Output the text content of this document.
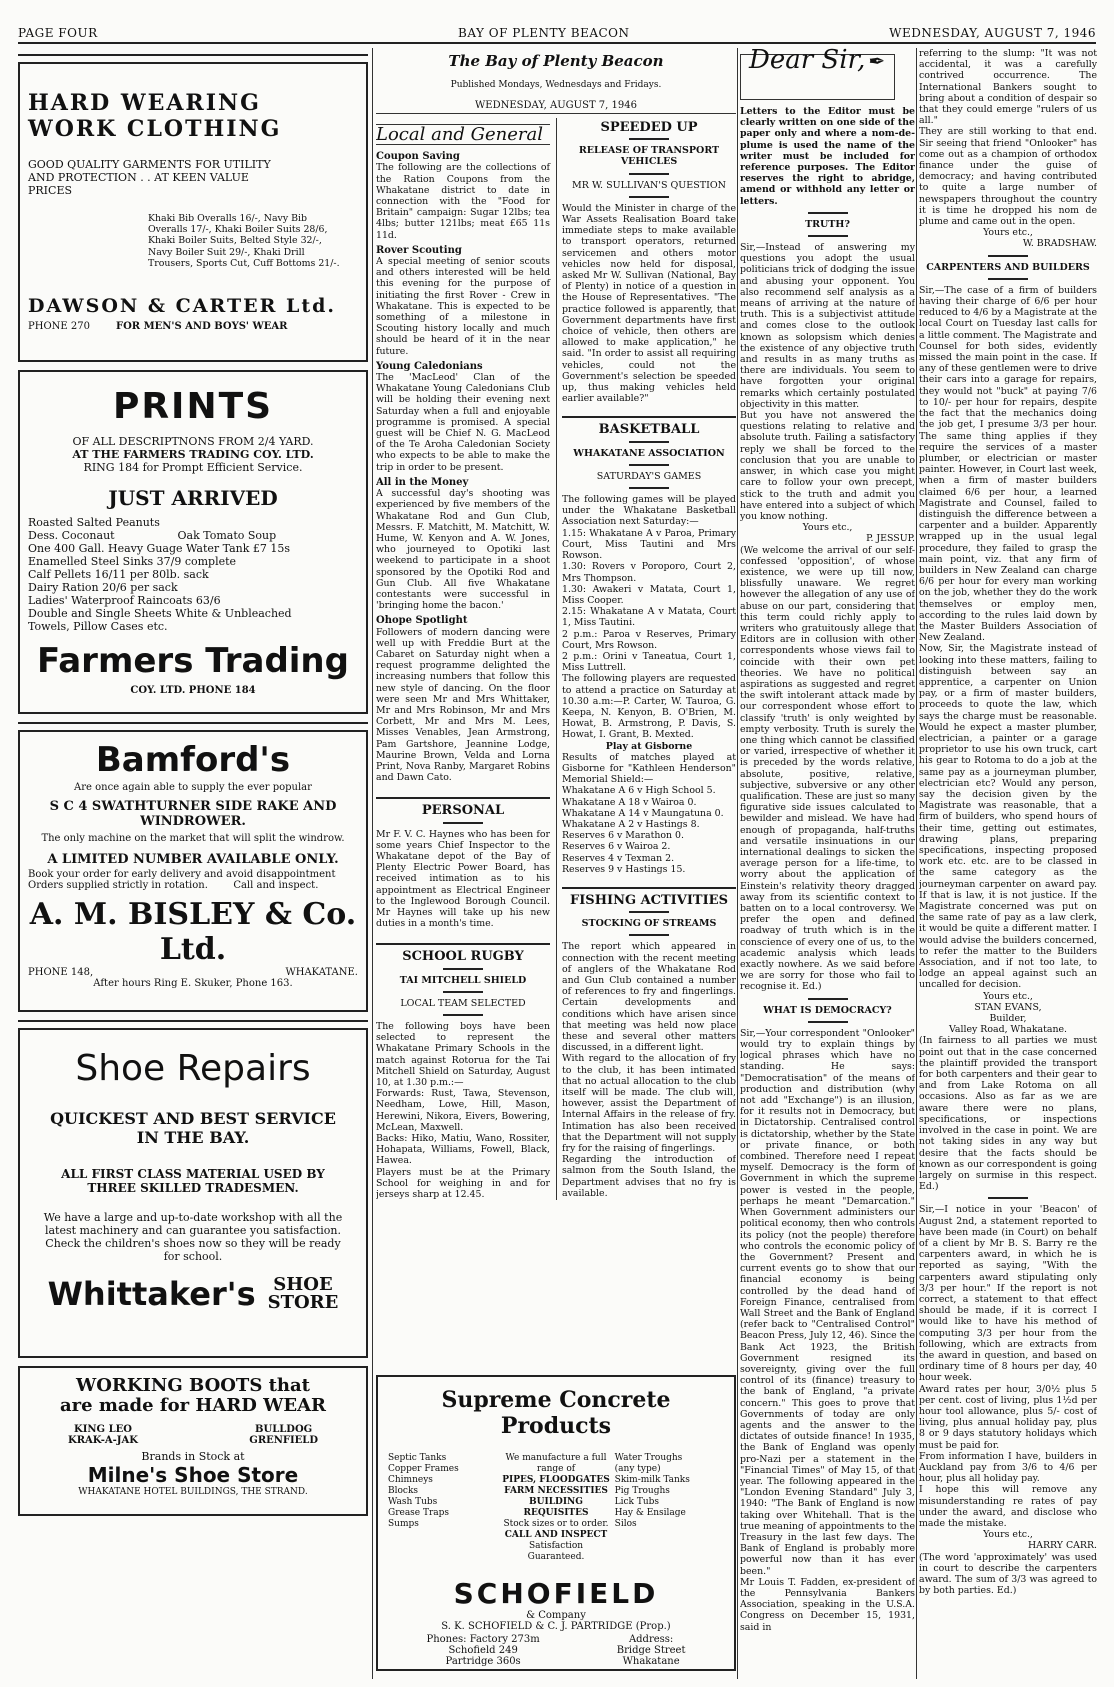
PAGE FOUR	BAY OF PLENTY BEACON	WEDNESDAY, AUGUST 7, 1946
HARD WEARING
WORK CLOTHING
GOOD QUALITY GARMENTS FOR UTILITY AND PROTECTION . . AT KEEN VALUE PRICES
Khaki Bib Overalls 16/-, Navy Bib Overalls 17/-, Khaki Boiler Suits 28/6, Khaki Boiler Suits, Belted Style 32/-, Navy Boiler Suit 29/-, Khaki Drill Trousers, Sports Cut, Cuff Bottoms 21/-.
DAWSON & CARTER Ltd.
PHONE 270	FOR MEN'S AND BOYS' WEAR
PRINTS
OF ALL DESCRIPTNONS FROM 2/4 YARD.
AT THE FARMERS TRADING COY. LTD.
RING 184 for Prompt Efficient Service.
JUST ARRIVED
Roasted Salted Peanuts
Dess. Coconaut                  Oak Tomato Soup
One 400 Gall. Heavy Guage Water Tank £7 15s
Enamelled Steel Sinks 37/9 complete
Calf Pellets 16/11 per 80lb. sack
Dairy Ration 20/6 per sack
Ladies' Waterproof Raincoats 63/6
Double and Single Sheets White & Unbleached
Towels, Pillow Cases etc.
Farmers Trading
COY. LTD. PHONE 184
Bamford's
Are once again able to supply the ever popular
S C 4 SWATHTURNER SIDE RAKE AND WINDROWER.
The only machine on the market that will split the windrow.
A LIMITED NUMBER AVAILABLE ONLY.
Book your order for early delivery and avoid disappointment
Orders supplied strictly in rotation.        Call and inspect.
A. M. BISLEY & Co. Ltd.
PHONE 148,	WHAKATANE.
After hours Ring E. Skuker, Phone 163.
Shoe Repairs
QUICKEST AND BEST SERVICE IN THE BAY.
ALL FIRST CLASS MATERIAL USED BY THREE SKILLED TRADESMEN.
We have a large and up-to-date workshop with all the latest machinery and can guarantee you satisfaction. Check the children's shoes now so they will be ready for school.
Whittaker's SHOE
STORE
WORKING BOOTS that are made for HARD WEAR
KING LEO
KRAK-A-JAK
BULLDOG
GRENFIELD
Brands in Stock at
Milne's Shoe Store
WHAKATANE HOTEL BUILDINGS, THE STRAND.
The Bay of Plenty Beacon
Published Mondays, Wednesdays and Fridays.
WEDNESDAY, AUGUST 7, 1946
Local and General
Coupon Saving
The following are the collections of the Ration Coupons from the Whakatane district to date in connection with the "Food for Britain" campaign: Sugar 12lbs; tea 4lbs; butter 121lbs; meat £65 11s 11d.
Rover Scouting
A special meeting of senior scouts and others interested will be held this evening for the purpose of initiating the first Rover - Crew in Whakatane. This is expected to be something of a milestone in Scouting history locally and much should be heard of it in the near future.
Young Caledonians
The 'MacLeod' Clan of the Whakatane Young Caledonians Club will be holding their evening next Saturday when a full and enjoyable programme is promised. A special guest will be Chief N. G. MacLeod of the Te Aroha Caledonian Society who expects to be able to make the trip in order to be present.
All in the Money
A successful day's shooting was experienced by five members of the Whakatane Rod and Gun Club, Messrs. F. Matchitt, M. Matchitt, W. Hume, W. Kenyon and A. W. Jones, who journeyed to Opotiki last weekend to participate in a shoot sponsored by the Opotiki Rod and Gun Club. All five Whakatane contestants were successful in 'bringing home the bacon.'
Ohope Spotlight
Followers of modern dancing were well up with Freddie Burt at the Cabaret on Saturday night when a request programme delighted the increasing numbers that follow this new style of dancing. On the floor were seen Mr and Mrs Whittaker, Mr and Mrs Robinson, Mr and Mrs Corbett, Mr and Mrs M. Lees, Misses Venables, Jean Armstrong, Pam Gartshore, Jeannine Lodge, Maurine Brown, Velda and Lorna Print, Nova Ranby, Margaret Robins and Dawn Cato.
PERSONAL
Mr F. V. C. Haynes who has been for some years Chief Inspector to the Whakatane depot of the Bay of Plenty Electric Power Board, has received intimation as to his appointment as Electrical Engineer to the Inglewood Borough Council. Mr Haynes will take up his new duties in a month's time.
SCHOOL RUGBY
TAI MITCHELL SHIELD
LOCAL TEAM SELECTED
The following boys have been selected to represent the Whakatane Primary Schools in the match against Rotorua for the Tai Mitchell Shield on Saturday, August 10, at 1.30 p.m.:—
Forwards: Rust, Tawa, Stevenson, Needham, Lowe, Hill, Mason, Herewini, Nikora, Eivers, Bowering, McLean, Maxwell.
Backs: Hiko, Matiu, Wano, Rossiter, Hohapata, Williams, Fowell, Black, Hawea.
Players must be at the Primary School for weighing in and for jerseys sharp at 12.45.
SPEEDED UP
RELEASE OF TRANSPORT VEHICLES
MR W. SULLIVAN'S QUESTION
Would the Minister in charge of the War Assets Realisation Board take immediate steps to make available to transport operators, returned servicemen and others motor vehicles now held for disposal, asked Mr W. Sullivan (National, Bay of Plenty) in notice of a question in the House of Representatives. "The practice followed is apparently, that Government departments have first choice of vehicle, then others are allowed to make application," he said. "In order to assist all requiring vehicles, could not the Government's selection be speeded up, thus making vehicles held earlier available?"
BASKETBALL
WHAKATANE ASSOCIATION
SATURDAY'S GAMES
The following games will be played under the Whakatane Basketball Association next Saturday:—
1.15: Whakatane A v Paroa, Primary Court, Miss Tautini and Mrs Rowson.
1.30: Rovers v Poroporo, Court 2, Mrs Thompson.
1.30: Awakeri v Matata, Court 1, Miss Cooper.
2.15: Whakatane A v Matata, Court 1, Miss Tautini.
2 p.m.: Paroa v Reserves, Primary Court, Mrs Rowson.
2 p.m.: Orini v Taneatua, Court 1, Miss Luttrell.
The following players are requested to attend a practice on Saturday at 10.30 a.m:—P. Carter, W. Tauroa, G. Keepa, N. Kenyon, B. O'Brien, M. Howat, B. Armstrong, P. Davis, S. Howat, I. Grant, B. Mexted.
Play at Gisborne
Results of matches played at Gisborne for "Kathleen Henderson" Memorial Shield:—
Whakatane A 6 v High School 5.
Whakatane A 18 v Wairoa 0.
Whakatane A 14 v Maungatuna 0.
Whakatane A 2 v Hastings 8.
Reserves 6 v Marathon 0.
Reserves 6 v Wairoa 2.
Reserves 4 v Texman 2.
Reserves 9 v Hastings 15.
FISHING ACTIVITIES
STOCKING OF STREAMS
The report which appeared in connection with the recent meeting of anglers of the Whakatane Rod and Gun Club contained a number of references to fry and fingerlings. Certain developments and conditions which have arisen since that meeting was held now place these and several other matters discussed, in a different light.
With regard to the allocation of fry to the club, it has been intimated that no actual allocation to the club itself will be made. The club will, however, assist the Department of Internal Affairs in the release of fry. Intimation has also been received that the Department will not supply fry for the raising of fingerlings.
Regarding the introduction of salmon from the South Island, the Department advises that no fry is available.
Supreme Concrete
Products
Septic Tanks
Copper Frames
Chimneys
Blocks
Wash Tubs
Grease Traps
Sumps
We manufacture a full
range of
PIPES, FLOODGATES
FARM NECESSITIES
BUILDING REQUISITES
Stock sizes or to order.
CALL AND INSPECT
Satisfaction Guaranteed.
Water Troughs
(any type)
Skim-milk Tanks
Pig Troughs
Lick Tubs
Hay & Ensilage
Silos
SCHOFIELD
& Company
S. K. SCHOFIELD & C. J. PARTRIDGE (Prop.)
Phones: Factory 273m
Schofield 249
Partridge 360s
Address:
Bridge Street
Whakatane
Dear Sir, ✒
Letters to the Editor must be clearly written on one side of the paper only and where a nom-de-plume is used the name of the writer must be included for reference purposes. The Editor reserves the right to abridge, amend or withhold any letter or letters.
TRUTH?
Sir,—Instead of answering my questions you adopt the usual politicians trick of dodging the issue and abusing your opponent. You also recommend self analysis as a means of arriving at the nature of truth. This is a subjectivist attitude and comes close to the outlook known as solopsism which denies the existence of any objective truth and results in as many truths as there are individuals. You seem to have forgotten your original remarks which certainly postulated objectivity in this matter.
But you have not answered the questions relating to relative and absolute truth. Failing a satisfactory reply we shall be forced to the conclusion that you are unable to answer, in which case you might care to follow your own precept, stick to the truth and admit you have entered into a subject of which you know nothing.
Yours etc.,
P. JESSUP.
(We welcome the arrival of our self-confessed 'opposition', of whose existence, we were up till now, blissfully unaware. We regret however the allegation of any use of abuse on our part, considering that this term could richly apply to writers who gratuitously allege that Editors are in collusion with other correspondents whose views fail to coincide with their own pet theories. We have no political aspirations as suggested and regret the swift intolerant attack made by our correspondent whose effort to classify 'truth' is only weighted by empty verbosity. Truth is surely the one thing which cannot be classified or varied, irrespective of whether it is preceded by the words relative, absolute, positive, relative, subjective, subversive or any other qualification. These are just so many figurative side issues calculated to bewilder and mislead. We have had enough of propaganda, half-truths and versatile insinuations in our international dealings to sicken the average person for a life-time, to worry about the application of Einstein's relativity theory dragged away from its scientific context to batten on to a local controversy. We prefer the open and defined roadway of truth which is in the conscience of every one of us, to the academic analysis which leads exactly nowhere. As we said before we are sorry for those who fail to recognise it. Ed.)
WHAT IS DEMOCRACY?
Sir,—Your correspondent "Onlooker" would try to explain things by logical phrases which have no standing. He says: "Democratisation" of the means of production and distribution (why not add "Exchange") is an illusion, for it results not in Democracy, but in Dictatorship. Centralised control is dictatorship, whether by the State or private finance, or both combined. Therefore need I repeat myself. Democracy is the form of Government in which the supreme power is vested in the people, perhaps he meant "Demarcation." When Government administers our political economy, then who controls its policy (not the people) therefore who controls the economic policy of the Government? Present and current events go to show that our financial economy is being controlled by the dead hand of Foreign Finance, centralised from Wall Street and the Bank of England (refer back to "Centralised Control" Beacon Press, July 12, 46). Since the Bank Act 1923, the British Government resigned its sovereignty, giving over the full control of its (finance) treasury to the bank of England, "a private concern." This goes to prove that Governments of today are only agents and the answer to the dictates of outside finance! In 1935, the Bank of England was openly pro-Nazi per a statement in the "Financial Times" of May 15, of that year. The following appeared in the "London Evening Standard" July 3, 1940: "The Bank of England is now taking over Whitehall. That is the true meaning of appointments to the Treasury in the last few days. The Bank of England is probably more powerful now than it has ever been."
Mr Louis T. Fadden, ex-president of the Pennsylvania Bankers Association, speaking in the U.S.A. Congress on December 15, 1931, said in
referring to the slump: "It was not accidental, it was a carefully contrived occurrence. The International Bankers sought to bring about a condition of despair so that they could emerge "rulers of us all."
They are still working to that end. Sir seeing that friend "Onlooker" has come out as a champion of orthodox finance under the guise of democracy; and having contributed to quite a large number of newspapers throughout the country it is time he dropped his nom de plume and came out in the open.
Yours etc.,
W. BRADSHAW.
CARPENTERS AND BUILDERS
Sir,—The case of a firm of builders having their charge of 6/6 per hour reduced to 4/6 by a Magistrate at the local Court on Tuesday last calls for a little comment. The Magistrate and Counsel for both sides, evidently missed the main point in the case. If any of these gentlemen were to drive their cars into a garage for repairs, they would not "buck" at paying 7/6 to 10/- per hour for repairs, despite the fact that the mechanics doing the job get, I presume 3/3 per hour. The same thing applies if they require the services of a master plumber, or electrician or master painter. However, in Court last week, when a firm of master builders claimed 6/6 per hour, a learned Magistrate and Counsel, failed to distinguish the difference between a carpenter and a builder. Apparently wrapped up in the usual legal procedure, they failed to grasp the main point, viz. that any firm of builders in New Zealand can charge 6/6 per hour for every man working on the job, whether they do the work themselves or employ men, according to the rules laid down by the Master Builders Association of New Zealand.
Now, Sir, the Magistrate instead of looking into these matters, failing to distinguish between say an apprentice, a carpenter on Union pay, or a firm of master builders, proceeds to quote the law, which says the charge must be reasonable. Would he expect a master plumber, electrician, a painter or a garage proprietor to use his own truck, cart his gear to Rotoma to do a job at the same pay as a journeyman plumber, electrician etc? Would any person, say the decision given by the Magistrate was reasonable, that a firm of builders, who spend hours of their time, getting out estimates, drawing plans, preparing specifications, inspecting proposed work etc. etc. are to be classed in the same category as the journeyman carpenter on award pay. If that is law, it is not justice. If the Magistrate concerned was put on the same rate of pay as a law clerk, it would be quite a different matter. I would advise the builders concerned, to refer the matter to the Builders Association, and if not too late, to lodge an appeal against such an uncalled for decision.
Yours etc.,
STAN EVANS,
Builder,
Valley Road, Whakatane.
(In fairness to all parties we must point out that in the case concerned the plaintiff provided the transport for both carpenters and their gear to and from Lake Rotoma on all occasions. Also as far as we are aware there were no plans, specifications, or inspections involved in the case in point. We are not taking sides in any way but desire that the facts should be known as our correspondent is going largely on surmise in this respect. Ed.)
Sir,—I notice in your 'Beacon' of August 2nd, a statement reported to have been made (in Court) on behalf of a client by Mr B. S. Barry re the carpenters award, in which he is reported as saying, "With the carpenters award stipulating only 3/3 per hour." If the report is not correct, a statement to that effect should be made, if it is correct I would like to have his method of computing 3/3 per hour from the following, which are extracts from the award in question, and based on ordinary time of 8 hours per day, 40 hour week.
Award rates per hour, 3/0½ plus 5 per cent. cost of living, plus 1½d per hour tool allowance, plus 5/- cost of living, plus annual holiday pay, plus 8 or 9 days statutory holidays which must be paid for.
From information I have, builders in Auckland pay from 3/6 to 4/6 per hour, plus all holiday pay.
I hope this will remove any misunderstanding re rates of pay under the award, and disclose who made the mistake.
Yours etc.,
HARRY CARR.
(The word 'approximately' was used in court to describe the carpenters award. The sum of 3/3 was agreed to by both parties. Ed.)
